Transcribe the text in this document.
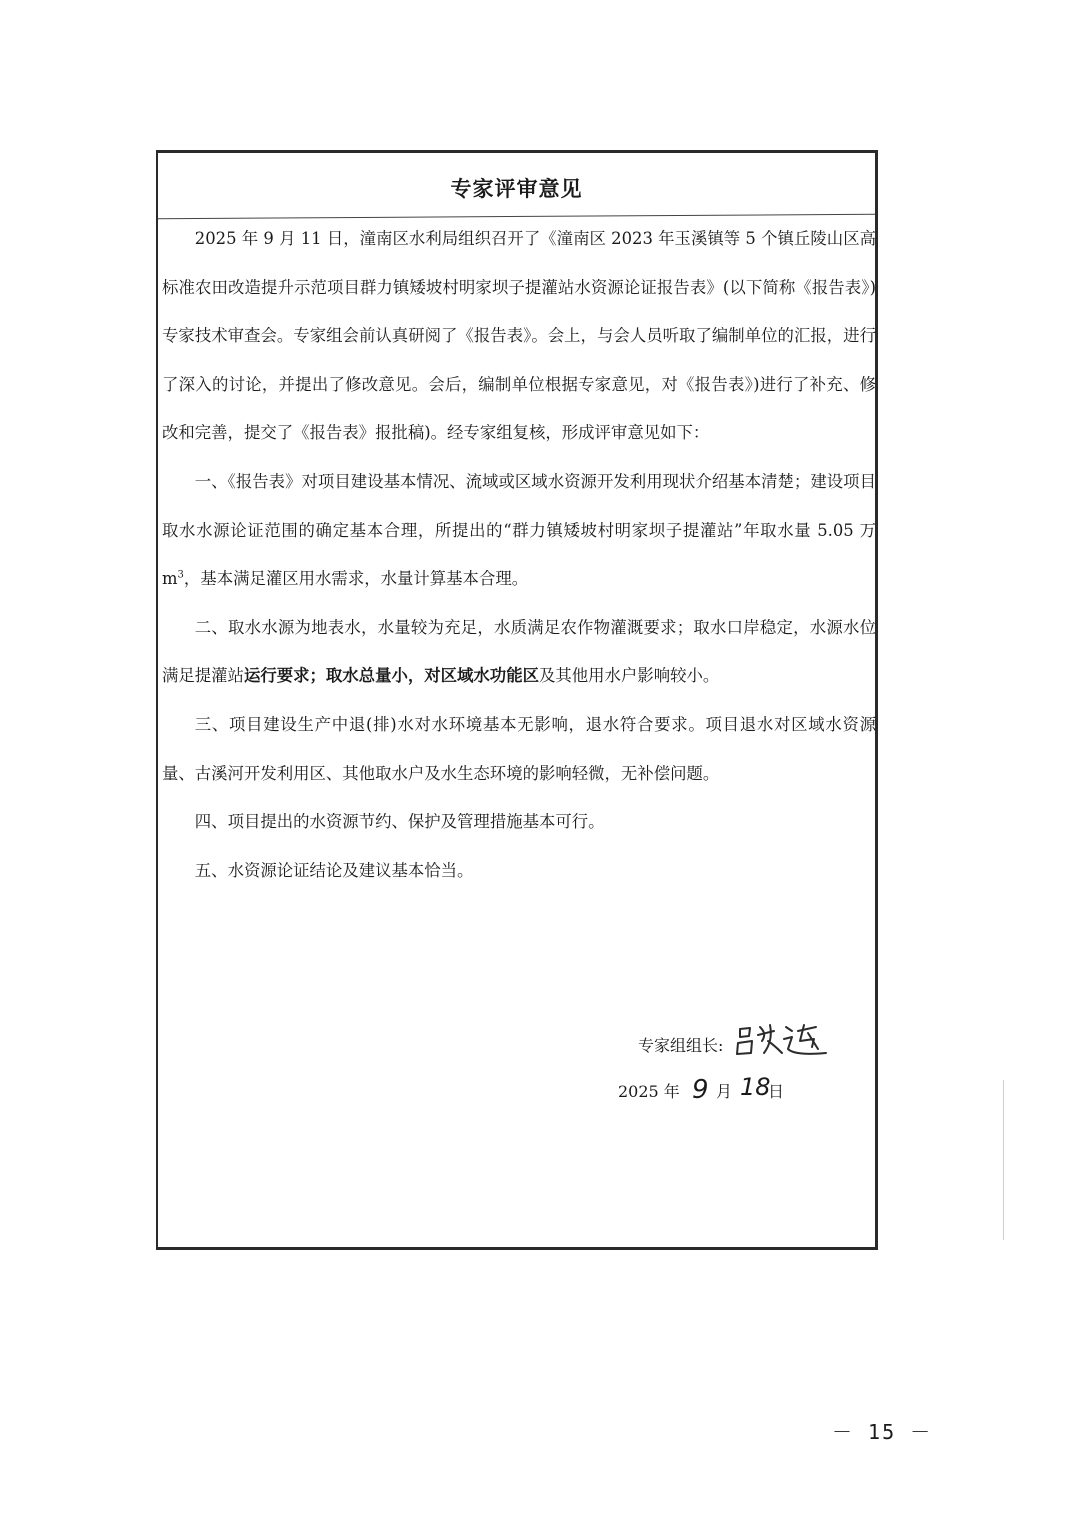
专家评审意见

2025 年 9 月 11 日，潼南区水利局组织召开了《潼南区 2023 年玉溪镇等 5 个镇丘陵山区高标准农田改造提升示范项目群力镇矮坡村明家坝子提灌站水资源论证报告表》(以下简称《报告表》)专家技术审查会。专家组会前认真研阅了《报告表》。会上，与会人员听取了编制单位的汇报，进行了深入的讨论，并提出了修改意见。会后，编制单位根据专家意见，对《报告表》)进行了补充、修改和完善，提交了《报告表》报批稿)。经专家组复核，形成评审意见如下：

一、《报告表》对项目建设基本情况、流域或区域水资源开发利用现状介绍基本清楚；建设项目取水水源论证范围的确定基本合理，所提出的“群力镇矮坡村明家坝子提灌站”年取水量 5.05 万 $m^3$，基本满足灌区用水需求，水量计算基本合理。

二、取水水源为地表水，水量较为充足，水质满足农作物灌溉要求；取水口岸稳定，水源水位满足提灌站运行要求；取水总量小，对区域水功能区及其他用水户影响较小。

三、项目建设生产中退(排)水对水环境基本无影响，退水符合要求。项目退水对区域水资源量、古溪河开发利用区、其他取水户及水生态环境的影响轻微，无补偿问题。

四、项目提出的水资源节约、保护及管理措施基本可行。

五、水资源论证结论及建议基本恰当。

专家组组长:
2025 年 9 月 18
日
－ 15 －
